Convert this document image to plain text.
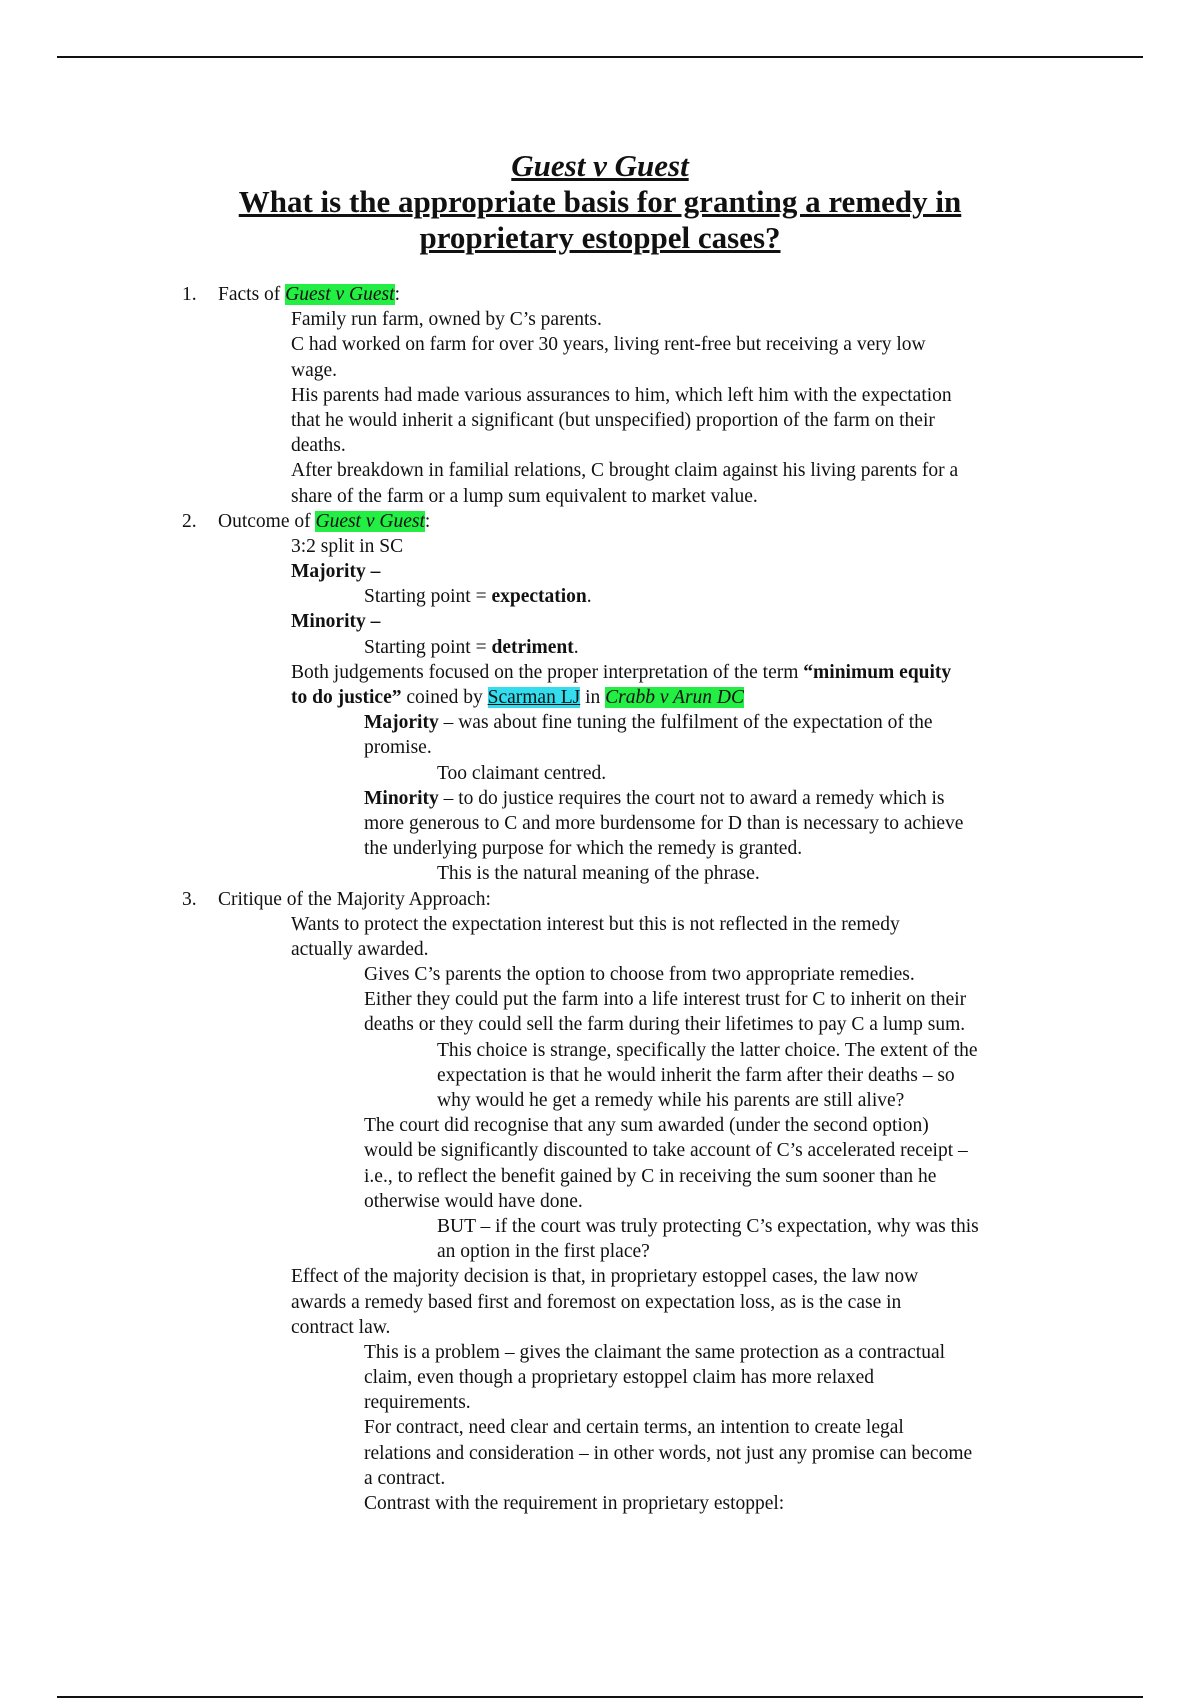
Guest v Guest
What is the appropriate basis for granting a remedy in
proprietary estoppel cases?
1. Facts of Guest v Guest:
Family run farm, owned by C’s parents.
C had worked on farm for over 30 years, living rent-free but receiving a very low
wage.
His parents had made various assurances to him, which left him with the expectation
that he would inherit a significant (but unspecified) proportion of the farm on their
deaths.
After breakdown in familial relations, C brought claim against his living parents for a
share of the farm or a lump sum equivalent to market value.
2. Outcome of Guest v Guest:
3:2 split in SC
Majority –
Starting point = expectation.
Minority –
Starting point = detriment.
Both judgements focused on the proper interpretation of the term “minimum equity
to do justice” coined by Scarman LJ in Crabb v Arun DC
Majority – was about fine tuning the fulfilment of the expectation of the
promise.
Too claimant centred.
Minority – to do justice requires the court not to award a remedy which is
more generous to C and more burdensome for D than is necessary to achieve
the underlying purpose for which the remedy is granted.
This is the natural meaning of the phrase.
3. Critique of the Majority Approach:
Wants to protect the expectation interest but this is not reflected in the remedy
actually awarded.
Gives C’s parents the option to choose from two appropriate remedies.
Either they could put the farm into a life interest trust for C to inherit on their
deaths or they could sell the farm during their lifetimes to pay C a lump sum.
This choice is strange, specifically the latter choice. The extent of the
expectation is that he would inherit the farm after their deaths – so
why would he get a remedy while his parents are still alive?
The court did recognise that any sum awarded (under the second option)
would be significantly discounted to take account of C’s accelerated receipt –
i.e., to reflect the benefit gained by C in receiving the sum sooner than he
otherwise would have done.
BUT – if the court was truly protecting C’s expectation, why was this
an option in the first place?
Effect of the majority decision is that, in proprietary estoppel cases, the law now
awards a remedy based first and foremost on expectation loss, as is the case in
contract law.
This is a problem – gives the claimant the same protection as a contractual
claim, even though a proprietary estoppel claim has more relaxed
requirements.
For contract, need clear and certain terms, an intention to create legal
relations and consideration – in other words, not just any promise can become
a contract.
Contrast with the requirement in proprietary estoppel:
